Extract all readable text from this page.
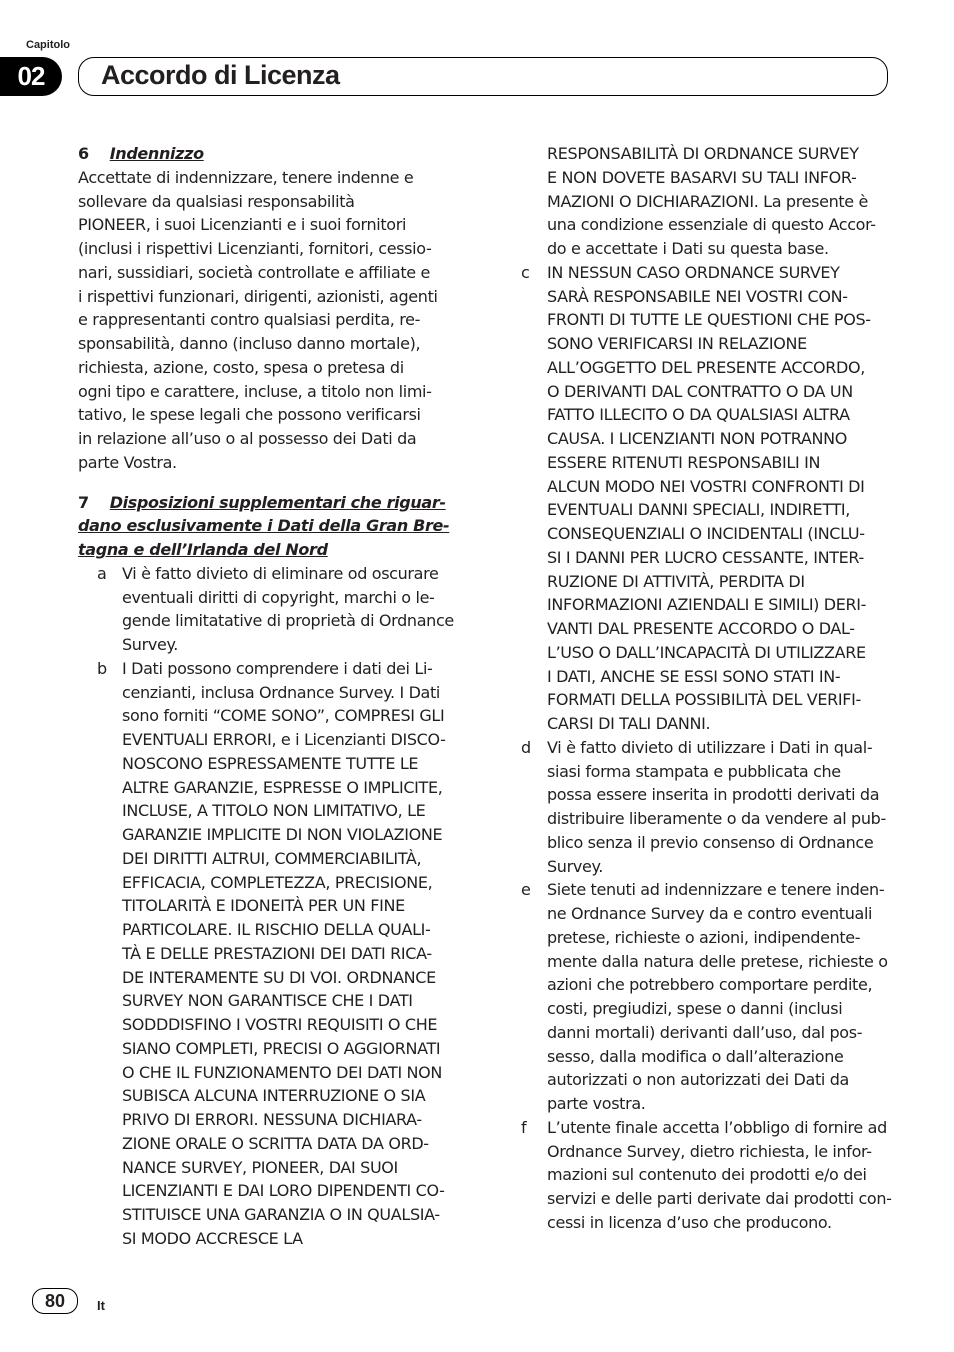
Capitolo
02	Accordo di Licenza
6 Indennizzo
Accettate di indennizzare, tenere indenne e
sollevare da qualsiasi responsabilità
PIONEER, i suoi Licenzianti e i suoi fornitori
(inclusi i rispettivi Licenzianti, fornitori, cessio-
nari, sussidiari, società controllate e affiliate e
i rispettivi funzionari, dirigenti, azionisti, agenti
e rappresentanti contro qualsiasi perdita, re-
sponsabilità, danno (incluso danno mortale),
richiesta, azione, costo, spesa o pretesa di
ogni tipo e carattere, incluse, a titolo non limi-
tativo, le spese legali che possono verificarsi
in relazione all’uso o al possesso dei Dati da
parte Vostra.
7 Disposizioni supplementari che riguar-
dano esclusivamente i Dati della Gran Bre-
tagna e dell’Irlanda del Nord
a Vi è fatto divieto di eliminare od oscurare
eventuali diritti di copyright, marchi o le-
gende limitatative di proprietà di Ordnance
Survey.
b I Dati possono comprendere i dati dei Li-
cenzianti, inclusa Ordnance Survey. I Dati
sono forniti “COME SONO”, COMPRESI GLI
EVENTUALI ERRORI, e i Licenzianti DISCO-
NOSCONO ESPRESSAMENTE TUTTE LE
ALTRE GARANZIE, ESPRESSE O IMPLICITE,
INCLUSE, A TITOLO NON LIMITATIVO, LE
GARANZIE IMPLICITE DI NON VIOLAZIONE
DEI DIRITTI ALTRUI, COMMERCIABILITÀ,
EFFICACIA, COMPLETEZZA, PRECISIONE,
TITOLARITÀ E IDONEITÀ PER UN FINE
PARTICOLARE. IL RISCHIO DELLA QUALI-
TÀ E DELLE PRESTAZIONI DEI DATI RICA-
DE INTERAMENTE SU DI VOI. ORDNANCE
SURVEY NON GARANTISCE CHE I DATI
SODDDISFINO I VOSTRI REQUISITI O CHE
SIANO COMPLETI, PRECISI O AGGIORNATI
O CHE IL FUNZIONAMENTO DEI DATI NON
SUBISCA ALCUNA INTERRUZIONE O SIA
PRIVO DI ERRORI. NESSUNA DICHIARA-
ZIONE ORALE O SCRITTA DATA DA ORD-
NANCE SURVEY, PIONEER, DAI SUOI
LICENZIANTI E DAI LORO DIPENDENTI CO-
STITUISCE UNA GARANZIA O IN QUALSIA-
SI MODO ACCRESCE LA
RESPONSABILITÀ DI ORDNANCE SURVEY
E NON DOVETE BASARVI SU TALI INFOR-
MAZIONI O DICHIARAZIONI. La presente è
una condizione essenziale di questo Accor-
do e accettate i Dati su questa base.
c IN NESSUN CASO ORDNANCE SURVEY
SARÀ RESPONSABILE NEI VOSTRI CON-
FRONTI DI TUTTE LE QUESTIONI CHE POS-
SONO VERIFICARSI IN RELAZIONE
ALL’OGGETTO DEL PRESENTE ACCORDO,
O DERIVANTI DAL CONTRATTO O DA UN
FATTO ILLECITO O DA QUALSIASI ALTRA
CAUSA. I LICENZIANTI NON POTRANNO
ESSERE RITENUTI RESPONSABILI IN
ALCUN MODO NEI VOSTRI CONFRONTI DI
EVENTUALI DANNI SPECIALI, INDIRETTI,
CONSEQUENZIALI O INCIDENTALI (INCLU-
SI I DANNI PER LUCRO CESSANTE, INTER-
RUZIONE DI ATTIVITÀ, PERDITA DI
INFORMAZIONI AZIENDALI E SIMILI) DERI-
VANTI DAL PRESENTE ACCORDO O DAL-
L’USO O DALL’INCAPACITÀ DI UTILIZZARE
I DATI, ANCHE SE ESSI SONO STATI IN-
FORMATI DELLA POSSIBILITÀ DEL VERIFI-
CARSI DI TALI DANNI.
d Vi è fatto divieto di utilizzare i Dati in qual-
siasi forma stampata e pubblicata che
possa essere inserita in prodotti derivati da
distribuire liberamente o da vendere al pub-
blico senza il previo consenso di Ordnance
Survey.
e Siete tenuti ad indennizzare e tenere inden-
ne Ordnance Survey da e contro eventuali
pretese, richieste o azioni, indipendente-
mente dalla natura delle pretese, richieste o
azioni che potrebbero comportare perdite,
costi, pregiudizi, spese o danni (inclusi
danni mortali) derivanti dall’uso, dal pos-
sesso, dalla modifica o dall’alterazione
autorizzati o non autorizzati dei Dati da
parte vostra.
f L’utente finale accetta l’obbligo di fornire ad
Ordnance Survey, dietro richiesta, le infor-
mazioni sul contenuto dei prodotti e/o dei
servizi e delle parti derivate dai prodotti con-
cessi in licenza d’uso che producono.
80	It
